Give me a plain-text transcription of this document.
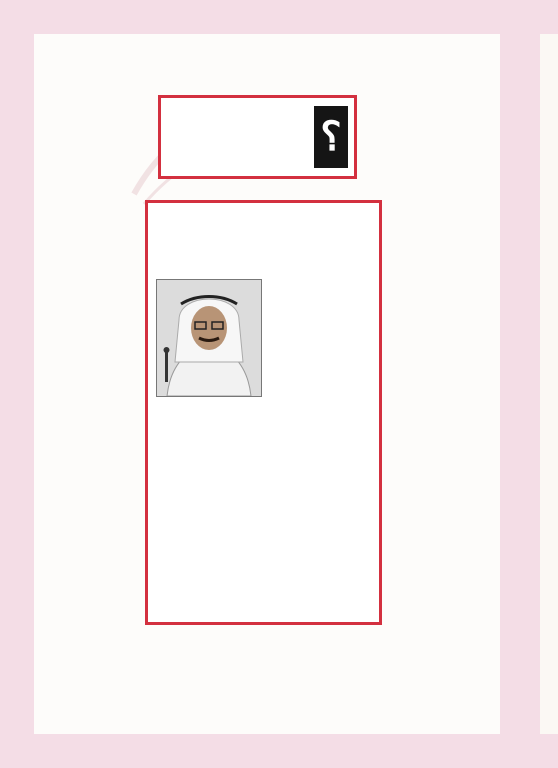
؟
